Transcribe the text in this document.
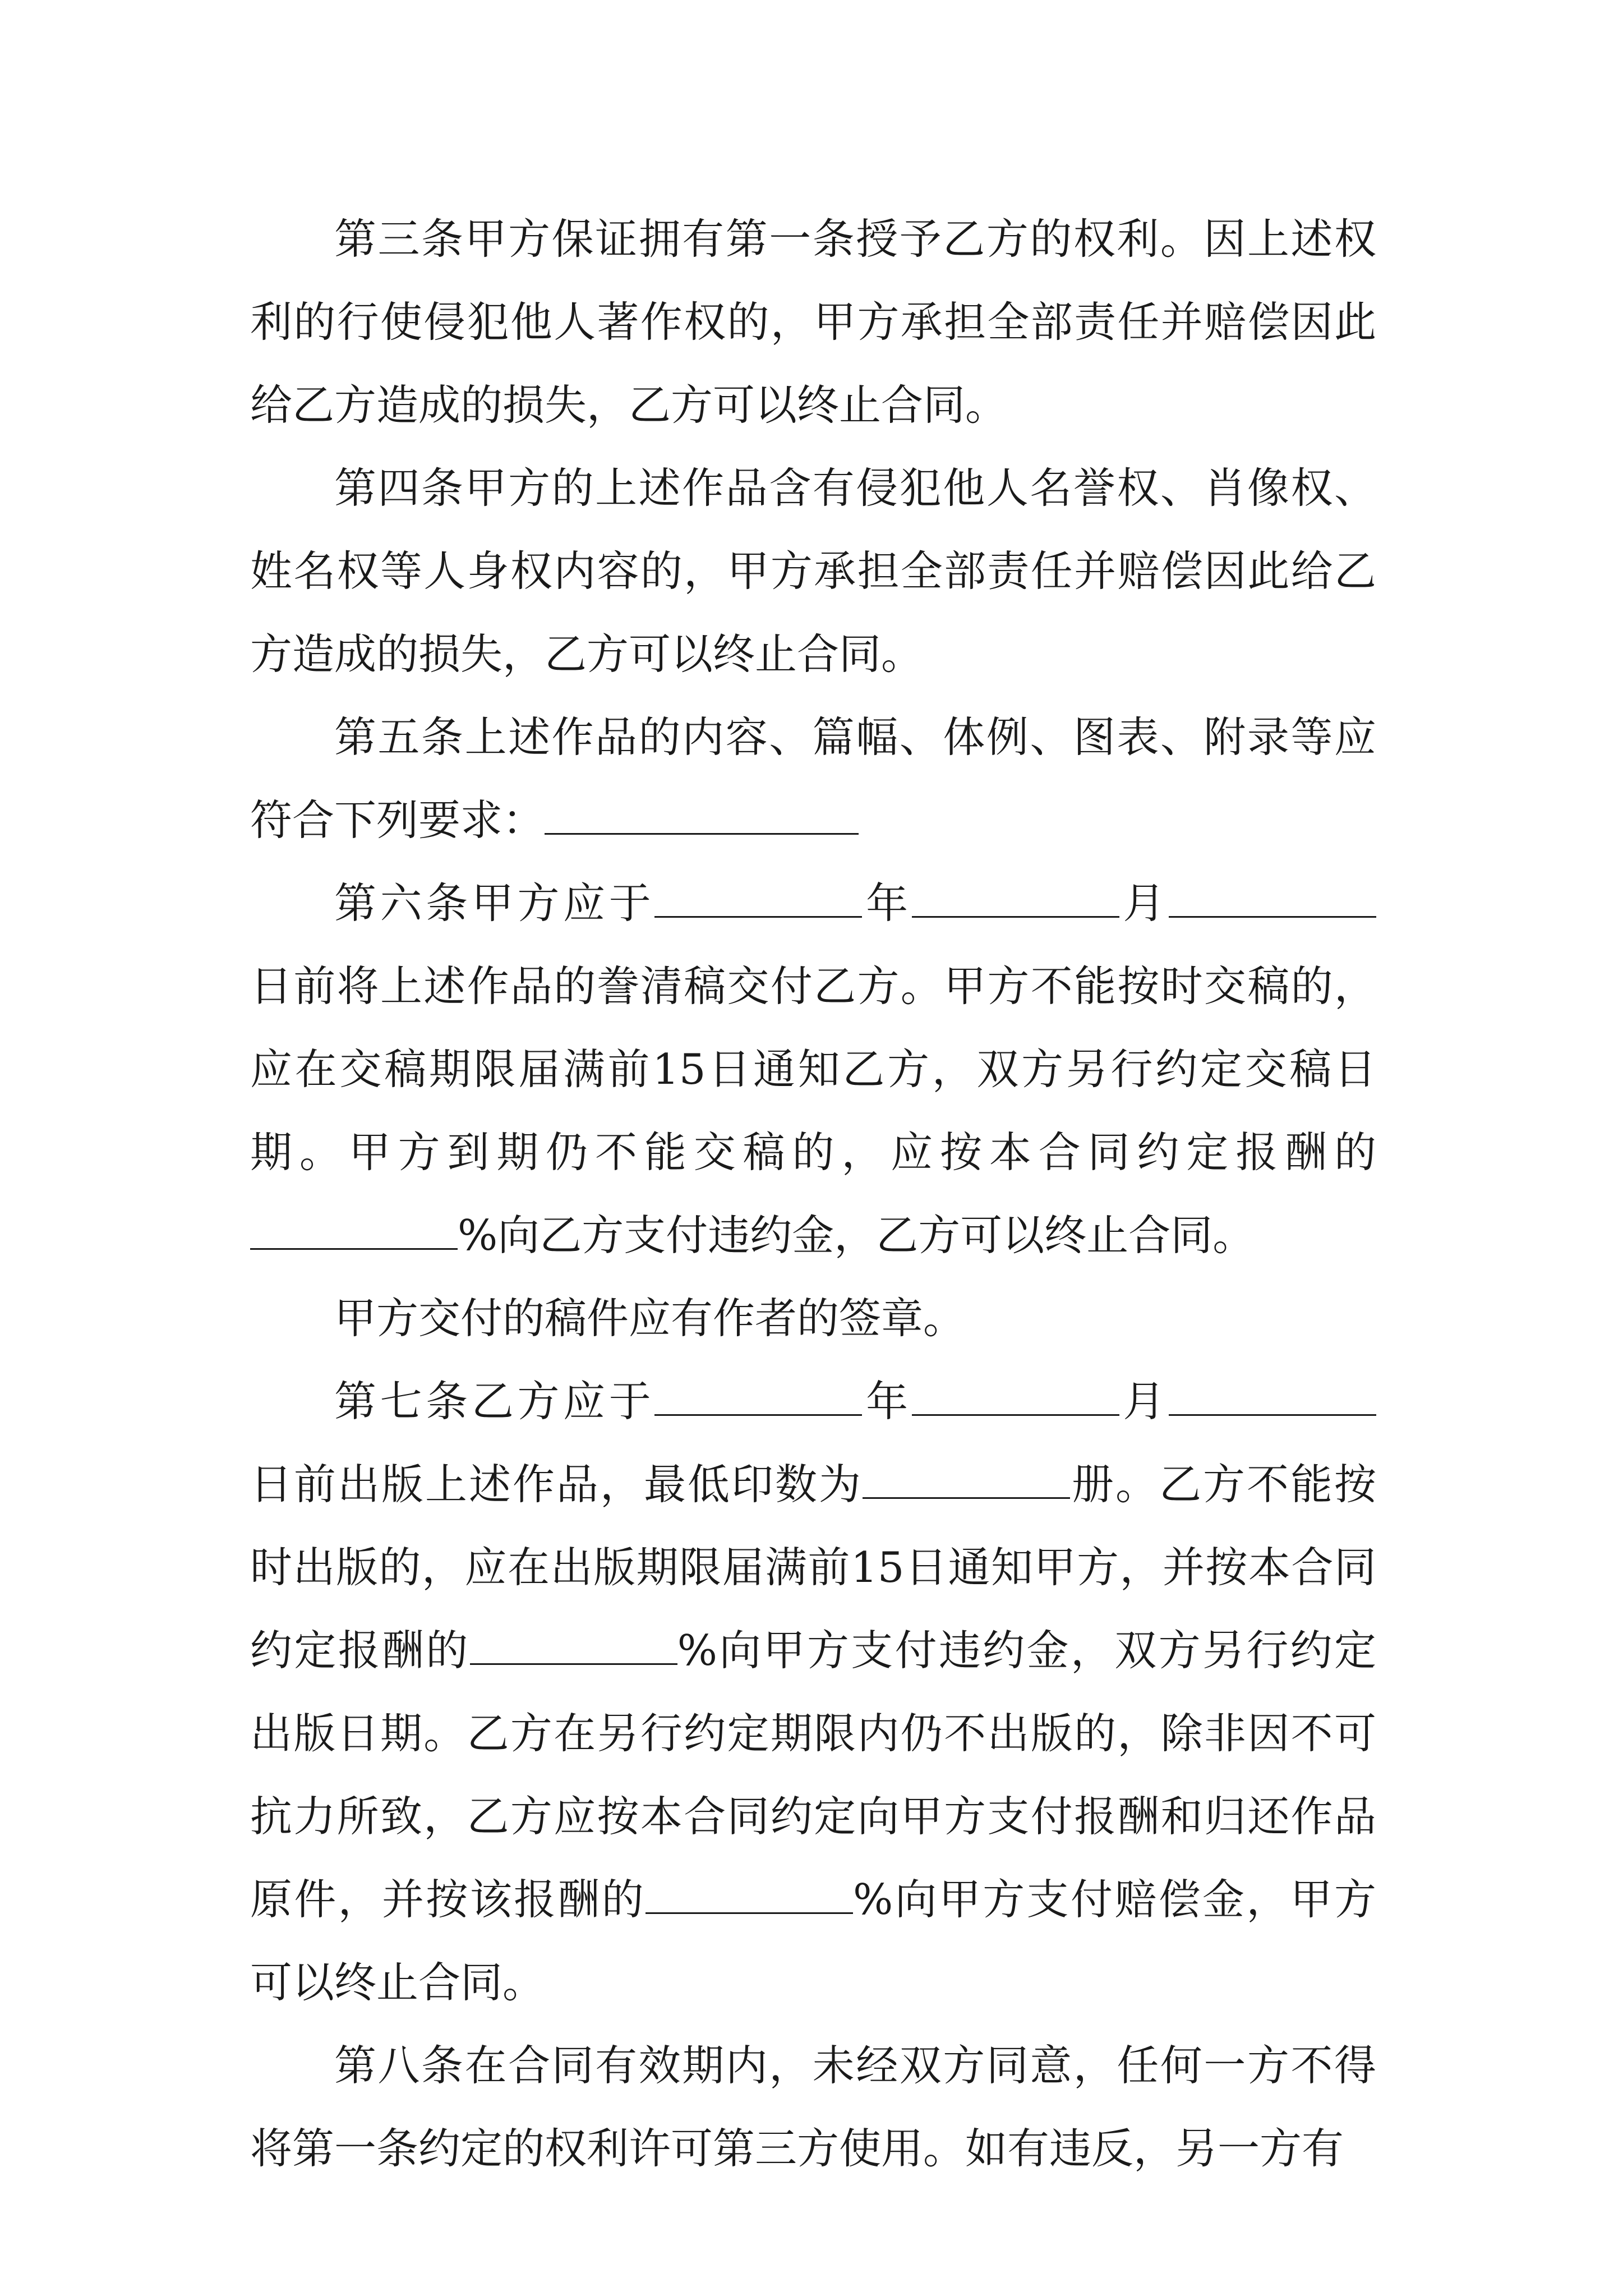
第三条甲方保证拥有第一条授予乙方的权利。因上述权利的行使侵犯他人著作权的，甲方承担全部责任并赔偿因此给乙方造成的损失，乙方可以终止合同。

第四条甲方的上述作品含有侵犯他人名誉权、肖像权、姓名权等人身权内容的，甲方承担全部责任并赔偿因此给乙方造成的损失，乙方可以终止合同。

第五条上述作品的内容、篇幅、体例、图表、附录等应符合下列要求：

第六条甲方应于	年	月日前将上述作品的誊清稿交付乙方。甲方不能按时交稿的，应在交稿期限届满前15日通知乙方，双方另行约定交稿日期。甲方到期仍不能交稿的，应按本合同约定报酬的%向乙方支付违约金，乙方可以终止合同。

甲方交付的稿件应有作者的签章。

第七条乙方应于	年	月日前出版上述作品，最低印数为	册。乙方不能按时出版的，应在出版期限届满前15日通知甲方，并按本合同约定报酬的	%向甲方支付违约金，双方另行约定出版日期。乙方在另行约定期限内仍不出版的，除非因不可抗力所致，乙方应按本合同约定向甲方支付报酬和归还作品原件，并按该报酬的	%向甲方支付赔偿金，甲方可以终止合同。

第八条在合同有效期内，未经双方同意，任何一方不得将第一条约定的权利许可第三方使用。如有违反，另一方有
